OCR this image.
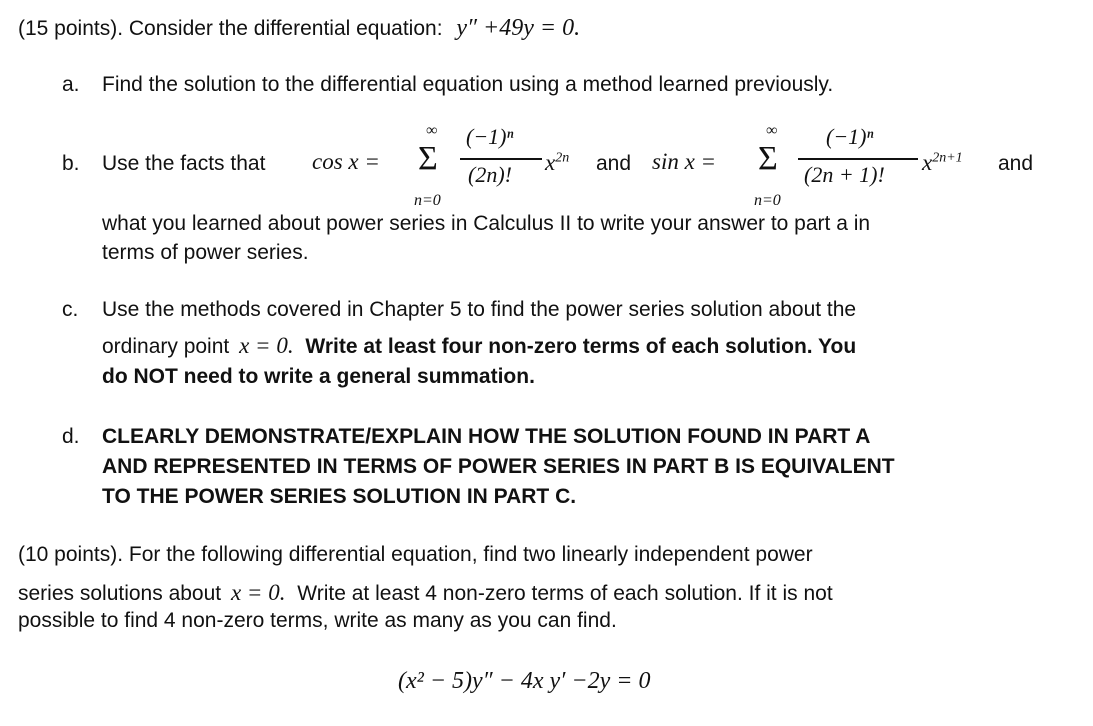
(15 points). Consider the differential equation: y″ +49y = 0.
a. Find the solution to the differential equation using a method learned previously.
b. Use the facts that cos x =
∞
Σ
n=0
(−1)ⁿ
(2n)! $x^{2n}$ and sin x =
∞
Σ
n=0
(−1)ⁿ
(2n + 1)! $x^{2n+1}$ and
what you learned about power series in Calculus II to write your answer to part a in
terms of power series.
c. Use the methods covered in Chapter 5 to find the power series solution about the
ordinary point x = 0. Write at least four non-zero terms of each solution. You
do NOT need to write a general summation.
d. CLEARLY DEMONSTRATE/EXPLAIN HOW THE SOLUTION FOUND IN PART A
AND REPRESENTED IN TERMS OF POWER SERIES IN PART B IS EQUIVALENT
TO THE POWER SERIES SOLUTION IN PART C.
(10 points). For the following differential equation, find two linearly independent power
series solutions about x = 0. Write at least 4 non-zero terms of each solution. If it is not
possible to find 4 non-zero terms, write as many as you can find.
(x² − 5)y″ − 4x y′ −2y = 0
